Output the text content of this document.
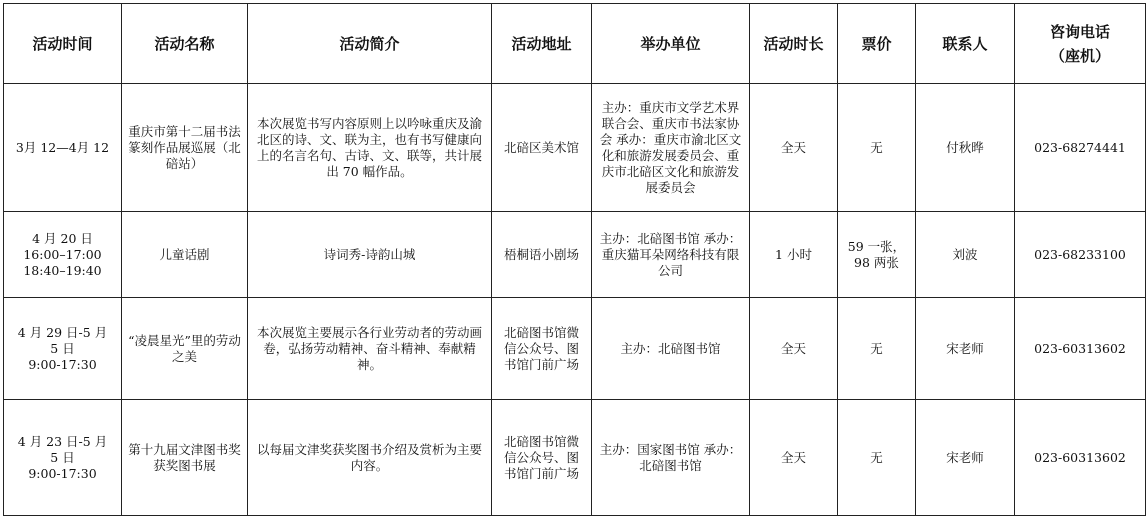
活动时间	活动名称	活动简介	活动地址	举办单位	活动时长	票价	联系人	咨询电话
（座机）

3月 12—4月 12	重庆市第十二届书法篆刻作品展巡展（北碚站）	本次展览书写内容原则上以吟咏重庆及渝北区的诗、文、联为主，也有书写健康向上的名言名句、古诗、文、联等，共计展出 70 幅作品。	北碚区美术馆	主办：重庆市文学艺术界联合会、重庆市书法家协会 承办：重庆市渝北区文化和旅游发展委员会、重庆市北碚区文化和旅游发展委员会	全天	无	付秋晔	023-68274441

4 月 20 日
16:00–17:00
18:40–19:40	儿童话剧	诗词秀-诗韵山城	梧桐语小剧场	主办：北碚图书馆 承办：重庆猫耳朵网络科技有限公司	1 小时	59 一张，
98 两张	刘波	023-68233100

4 月 29 日-5 月
5 日
9:00-17:30	“凌晨星光”里的劳动之美	本次展览主要展示各行业劳动者的劳动画卷，弘扬劳动精神、奋斗精神、奉献精神。	北碚图书馆微信公众号、图书馆门前广场	主办：北碚图书馆	全天	无	宋老师	023-60313602

4 月 23 日-5 月
5 日
9:00-17:30	第十九届文津图书奖获奖图书展	以每届文津奖获奖图书介绍及赏析为主要内容。	北碚图书馆微信公众号、图书馆门前广场	主办：国家图书馆 承办：北碚图书馆	全天	无	宋老师	023-60313602
